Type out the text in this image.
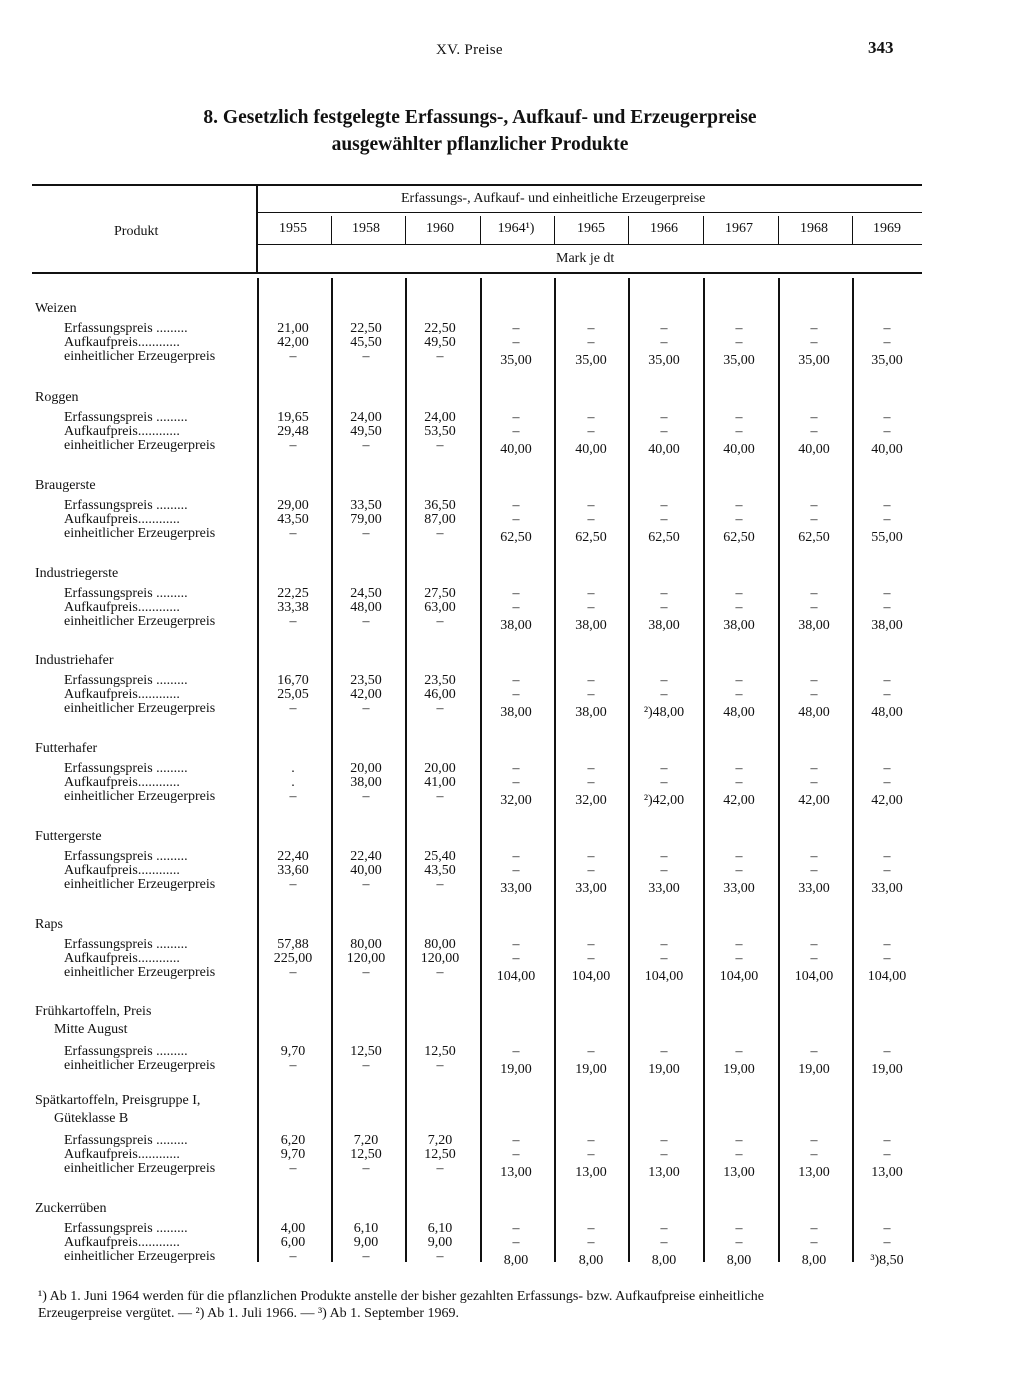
XV. Preise	343
8. Gesetzlich festgelegte Erfassungs-, Aufkauf- und Erzeugerpreise
ausgewählter pflanzlicher Produkte
Produkt
Erfassungs-, Aufkauf- und einheitliche Erzeugerpreise
Mark je dt
1955	1958	1960	1964¹)	1965	1966	1967	1968	1969
Weizen
Erfassungspreis .........	21,00	22,50	22,50	–	–	–	–	–	–
Aufkaufpreis............	42,00	45,50	49,50	–	–	–	–	–	–
einheitlicher Erzeugerpreis	–	–	–	35,00	35,00	35,00	35,00	35,00	35,00
Roggen
Erfassungspreis .........	19,65	24,00	24,00	–	–	–	–	–	–
Aufkaufpreis............	29,48	49,50	53,50	–	–	–	–	–	–
einheitlicher Erzeugerpreis	–	–	–	40,00	40,00	40,00	40,00	40,00	40,00
Braugerste
Erfassungspreis .........	29,00	33,50	36,50	–	–	–	–	–	–
Aufkaufpreis............	43,50	79,00	87,00	–	–	–	–	–	–
einheitlicher Erzeugerpreis	–	–	–	62,50	62,50	62,50	62,50	62,50	55,00
Industriegerste
Erfassungspreis .........	22,25	24,50	27,50	–	–	–	–	–	–
Aufkaufpreis............	33,38	48,00	63,00	–	–	–	–	–	–
einheitlicher Erzeugerpreis	–	–	–	38,00	38,00	38,00	38,00	38,00	38,00
Industriehafer
Erfassungspreis .........	16,70	23,50	23,50	–	–	–	–	–	–
Aufkaufpreis............	25,05	42,00	46,00	–	–	–	–	–	–
einheitlicher Erzeugerpreis	–	–	–	38,00	38,00	²)48,00	48,00	48,00	48,00
Futterhafer
Erfassungspreis .........	.	20,00	20,00	–	–	–	–	–	–
Aufkaufpreis............	.	38,00	41,00	–	–	–	–	–	–
einheitlicher Erzeugerpreis	–	–	–	32,00	32,00	²)42,00	42,00	42,00	42,00
Futtergerste
Erfassungspreis .........	22,40	22,40	25,40	–	–	–	–	–	–
Aufkaufpreis............	33,60	40,00	43,50	–	–	–	–	–	–
einheitlicher Erzeugerpreis	–	–	–	33,00	33,00	33,00	33,00	33,00	33,00
Raps
Erfassungspreis .........	57,88	80,00	80,00	–	–	–	–	–	–
Aufkaufpreis............	225,00	120,00	120,00	–	–	–	–	–	–
einheitlicher Erzeugerpreis	–	–	–	104,00	104,00	104,00	104,00	104,00	104,00
Frühkartoffeln, Preis
Mitte August
Erfassungspreis .........	9,70	12,50	12,50	–	–	–	–	–	–
einheitlicher Erzeugerpreis	–	–	–	19,00	19,00	19,00	19,00	19,00	19,00
Spätkartoffeln, Preisgruppe I,
Güteklasse B
Erfassungspreis .........	6,20	7,20	7,20	–	–	–	–	–	–
Aufkaufpreis............	9,70	12,50	12,50	–	–	–	–	–	–
einheitlicher Erzeugerpreis	–	–	–	13,00	13,00	13,00	13,00	13,00	13,00
Zuckerrüben
Erfassungspreis .........	4,00	6,10	6,10	–	–	–	–	–	–
Aufkaufpreis............	6,00	9,00	9,00	–	–	–	–	–	–
einheitlicher Erzeugerpreis	–	–	–	8,00	8,00	8,00	8,00	8,00	³)8,50
¹) Ab 1. Juni 1964 werden für die pflanzlichen Produkte anstelle der bisher gezahlten Erfassungs- bzw. Aufkaufpreise einheitliche
Erzeugerpreise vergütet. — ²) Ab 1. Juli 1966. — ³) Ab 1. September 1969.
